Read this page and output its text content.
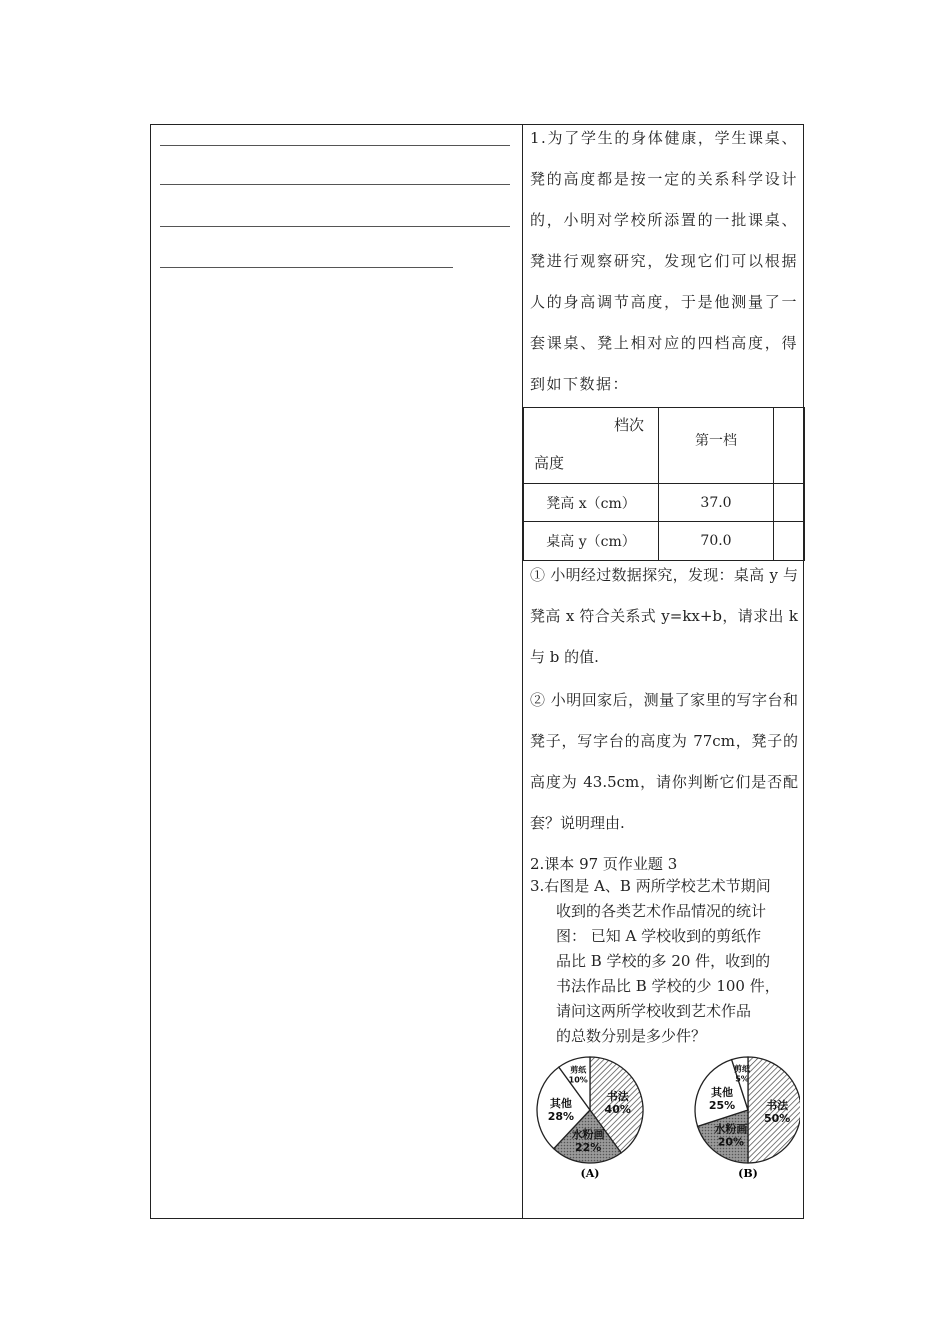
1.为了学生的身体健康，学生课桌、凳的高度都是按一定的关系科学设计的，小明对学校所添置的一批课桌、凳进行观察研究，发现它们可以根据人的身高调节高度，于是他测量了一套课桌、凳上相对应的四档高度，得到如下数据：

档次
高度	第一档	
凳高 x（cm）	37.0	
桌高 y（cm）	70.0	

① 小明经过数据探究，发现：桌高 y 与凳高 x 符合关系式 y=kx+b，请求出 k 与 b 的值.

② 小明回家后，测量了家里的写字台和凳子，写字台的高度为 77cm，凳子的高度为 43.5cm，请你判断它们是否配套？说明理由.

2.课本 97 页作业题 3

3.右图是 A、B 两所学校艺术节期间
收到的各类艺术作品情况的统计
图： 已知 A 学校收到的剪纸作
品比 B 学校的多 20 件，收到的
书法作品比 B 学校的少 100 件，
请问这两所学校收到艺术作品
的总数分别是多少件？
书法
40%
水粉画
22%
其他
28%
剪纸
10%
(A)
书法
50%
水粉画
20%
其他
25%
剪纸
5%
(B)
